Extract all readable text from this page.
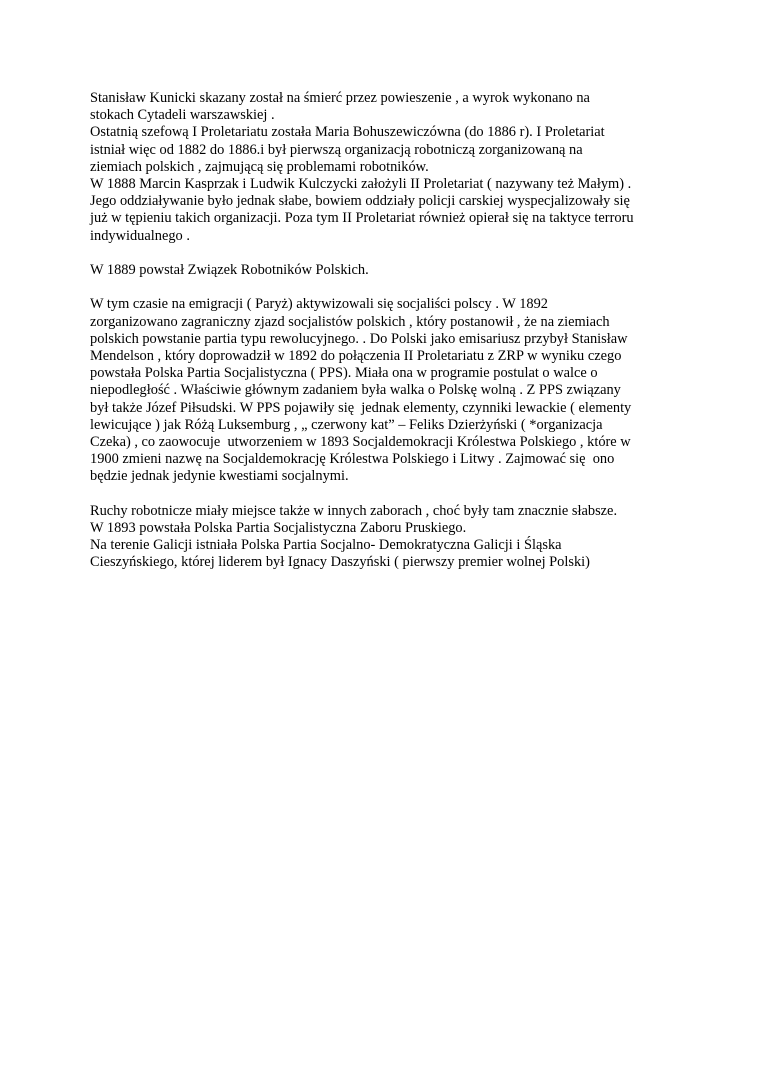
Stanisław Kunicki skazany został na śmierć przez powieszenie , a wyrok wykonano na
stokach Cytadeli warszawskiej .
Ostatnią szefową I Proletariatu została Maria Bohuszewiczówna (do 1886 r). I Proletariat
istniał więc od 1882 do 1886.i był pierwszą organizacją robotniczą zorganizowaną na
ziemiach polskich , zajmującą się problemami robotników.
W 1888 Marcin Kasprzak i Ludwik Kulczycki założyli II Proletariat ( nazywany też Małym) .
Jego oddziaływanie było jednak słabe, bowiem oddziały policji carskiej wyspecjalizowały się
już w tępieniu takich organizacji. Poza tym II Proletariat również opierał się na taktyce terroru
indywidualnego .
W 1889 powstał Związek Robotników Polskich.
W tym czasie na emigracji ( Paryż) aktywizowali się socjaliści polscy . W 1892
zorganizowano zagraniczny zjazd socjalistów polskich , który postanowił , że na ziemiach
polskich powstanie partia typu rewolucyjnego. . Do Polski jako emisariusz przybył Stanisław
Mendelson , który doprowadził w 1892 do połączenia II Proletariatu z ZRP w wyniku czego
powstała Polska Partia Socjalistyczna ( PPS). Miała ona w programie postulat o walce o
niepodległość . Właściwie głównym zadaniem była walka o Polskę wolną . Z PPS związany
był także Józef Piłsudski. W PPS pojawiły się  jednak elementy, czynniki lewackie ( elementy
lewicujące ) jak Różą Luksemburg , „ czerwony kat” – Feliks Dzierżyński ( *organizacja
Czeka) , co zaowocuje  utworzeniem w 1893 Socjaldemokracji Królestwa Polskiego , które w
1900 zmieni nazwę na Socjaldemokrację Królestwa Polskiego i Litwy . Zajmować się  ono
będzie jednak jedynie kwestiami socjalnymi.
Ruchy robotnicze miały miejsce także w innych zaborach , choć były tam znacznie słabsze.
W 1893 powstała Polska Partia Socjalistyczna Zaboru Pruskiego.
Na terenie Galicji istniała Polska Partia Socjalno- Demokratyczna Galicji i Śląska
Cieszyńskiego, której liderem był Ignacy Daszyński ( pierwszy premier wolnej Polski)
